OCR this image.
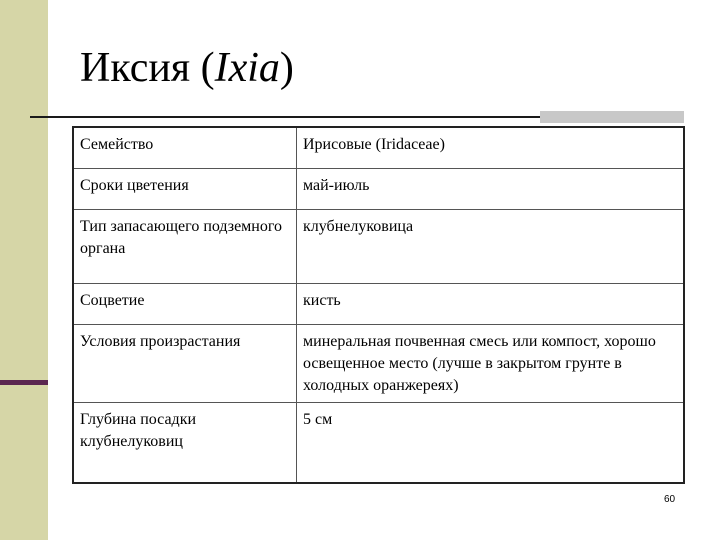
Иксия (Ixia)
Семейство	Ирисовые (Iridaceae)
Сроки цветения	май-июль
Тип запасающего подземного органа	клубнелуковица
Соцветие	кисть
Условия произрастания	минеральная почвенная смесь или компост, хорошо освещенное место (лучше в закрытом грунте в холодных оранжереях)
Глубина посадки клубнелуковиц	5 см
60
